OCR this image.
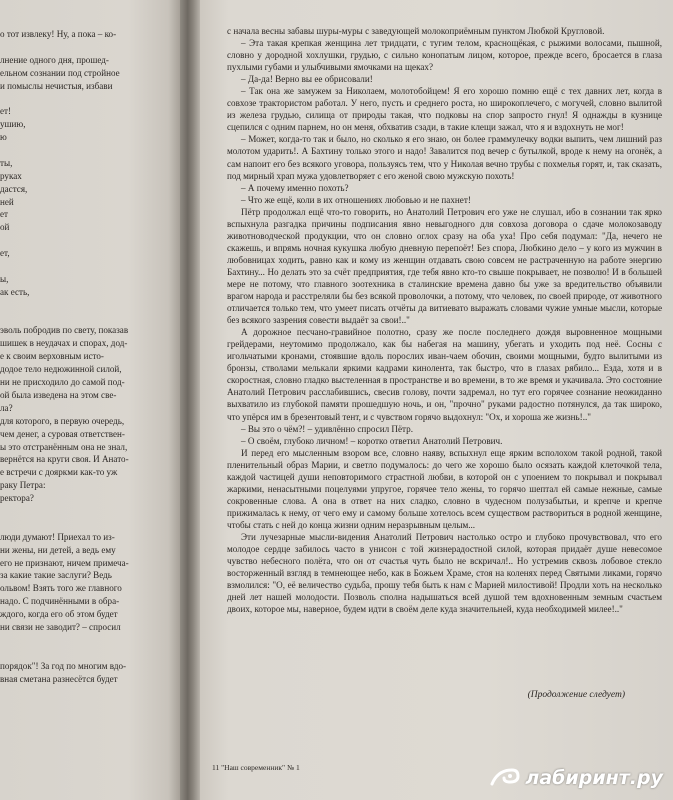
о тот извлеку! Ну, а пока – ко-
лнение одного дня, прошед-
ельном сознании под стройное
и помыслы нечистыя, избави
ет!
ушию,
ю
ты,
руках
дастся,
ней
ет
ой
ет,
ы,
ак есть,
эволь побродив по свету, показав
шишек в неудачах и спорах, дод-
е к своим верховным исто-
додое тело недюжинной силой,
ни не присходило до самой под-
ой была изведена на этом све-
ла?
для которого, в первую очередь,
чем денег, а суровая ответствен-
ы это отстранённым она не знал,
вернётся на круги своя. И Анато-
е встречи с дояркми как-то уж
раку Петра:
ректора?
люди думают! Приехал то из-
ни жены, ни детей, а ведь ему
его не признают, ничем примеча-
за какие такие заслуги? Ведь
ольвом! Взять того же главного
надо. С подчинёнными в обра-
ждого, когда его об этом будет
ни связи не заводит? – спросил
порядок"! За год по многим вдо-
вная сметана разнесётся будет

с начала весны забавы шуры-муры с заведующей молокоприёмным пунктом Любкой Кругловой.

– Эта такая крепкая женщина лет тридцати, с тугим телом, краснощёкая, с рыжими волосами, пышной, словно у дородной хохлушки, грудью, с сильно конопатым лицом, которое, прежде всего, бросается в глаза пухлыми губами и улыбчивыми ямочками на щеках?

– Да-да! Верно вы ее обрисовали!

– Так она же замужем за Николаем, молотобойцем! Я его хорошо помню ещё с тех давних лет, когда в совхозе трактористом работал. У него, пусть и среднего роста, но широкоплечего, с могучей, словно вылитой из железа грудью, силища от природы такая, что подковы на спор запросто гнул! Я однажды в кузнице сцепился с одним парнем, но он меня, обхватив сзади, в такие клещи зажал, что я и вздохнуть не мог!

– Может, когда-то так и было, но сколько я его знаю, он более граммулечку водки выпить, чем лишний раз молотом ударить!. А Бахтину только этого и надо! Завалится под вечер с бутылкой, вроде к нему на огонёк, а сам напоит его без всякого уговора, пользуясь тем, что у Николая вечно трубы с похмелья горят, и, так сказать, под мирный храп мужа удовлетворяет с его женой свою мужскую похоть!

– А почему именно похоть?

– Что же ещё, коли в их отношениях любовью и не пахнет!

Пётр продолжал ещё что-то говорить, но Анатолий Петрович его уже не слушал, ибо в сознании так ярко вспыхнула разгадка причины подписания явно невыгодного для совхоза договора о сдаче молокозаводу животноводческой продукции, что он словно оглох сразу на оба уха! Про себя подумал: "Да, нечего не скажешь, и впрямь ночная кукушка любую дневную перепоёт! Без спора, Любкино дело – у кого из мужчин в любовницах ходить, равно как и кому из женщин отдавать свою совсем не растраченную на работе энергию Бахтину... Но делать это за счёт предприятия, где тебя явно кто-то свыше покрывает, не позволю! И в большей мере не потому, что главного зоотехника в сталинские времена давно бы уже за вредительство объявили врагом народа и расстреляли бы без всякой проволочки, а потому, что человек, по своей природе, от животного отличается только тем, что умеет писать отчёты да витиевато выражать словами чужие умные мысли, которые без всякого зазрения совести выдаёт за свои!.."

А дорожное песчано-гравийное полотно, сразу же после последнего дождя выровненное мощными грейдерами, неутомимо продолжало, как бы набегая на машину, убегать и уходить под неё. Сосны с игольчатыми кронами, стоявшие вдоль порослих иван-чаем обочин, своими мощными, будто вылитыми из бронзы, стволами мелькали яркими кадрами кинолента, так быстро, что в глазах рябило... Езда, хотя и в скоростная, словно гладко выстеленная в пространстве и во времени, в то же время и укачивала. Это состояние Анатолий Петрович расслабившись, свесив голову, почти задремал, но тут его горячее сознание неожиданно выхватило из глубокой памяти прошедшую ночь, и он, "прочно" руками радостно потянулся, да так широко, что упёрся им в брезентовый тент, и с чувством горячо выдохнул: "Ох, и хороша же жизнь!.."

– Вы это о чём?! – удивлённо спросил Пётр.

– О своём, глубоко личном! – коротко ответил Анатолий Петрович.

И перед его мысленным взором все, словно наяву, вспыхнул еще ярким всполохом такой родной, такой пленительный образ Марии, и светло подумалось: до чего же хорошо было осязать каждой клеточкой тела, каждой частицей души неповторимого страстной любви, в которой он с упоением то покрывал и покрывал жаркими, ненасытными поцелуями упругое, горячее тело жены, то горячо шептал ей самые нежные, самые сокровенные слова. А она в ответ на них сладко, словно в чудесном полузабытьи, и крепче и крепче прижималась к нему, от чего ему и самому больше хотелось всем существом раствориться в родной женщине, чтобы стать с ней до конца жизни одним неразрывным целым...

Эти лучезарные мысли-видения Анатолий Петрович настолько остро и глубоко прочувствовал, что его молодое сердце забилось часто в унисон с той жизнерадостной силой, которая придаёт душе невесомое чувство небесного полёта, что он от счастья чуть было не вскричал!.. Но устремив сквозь лобовое стекло восторженный взгляд в темнеющее небо, как в Божьем Храме, стоя на коленях перед Святыми ликами, горячо взмолился: "О, её величество судьба, прошу тебя быть к нам с Марией милостивой! Продли хоть на несколько дней лет нашей молодости. Позволь сполна надышаться всей душой тем вдохновенным земным счастьем двоих, которое мы, наверное, будем идти в своём деле куда значительней, куда необходимей милее!.."

(Продолжение следует)
11 "Наш современник" № 1	лабиринт.ру
